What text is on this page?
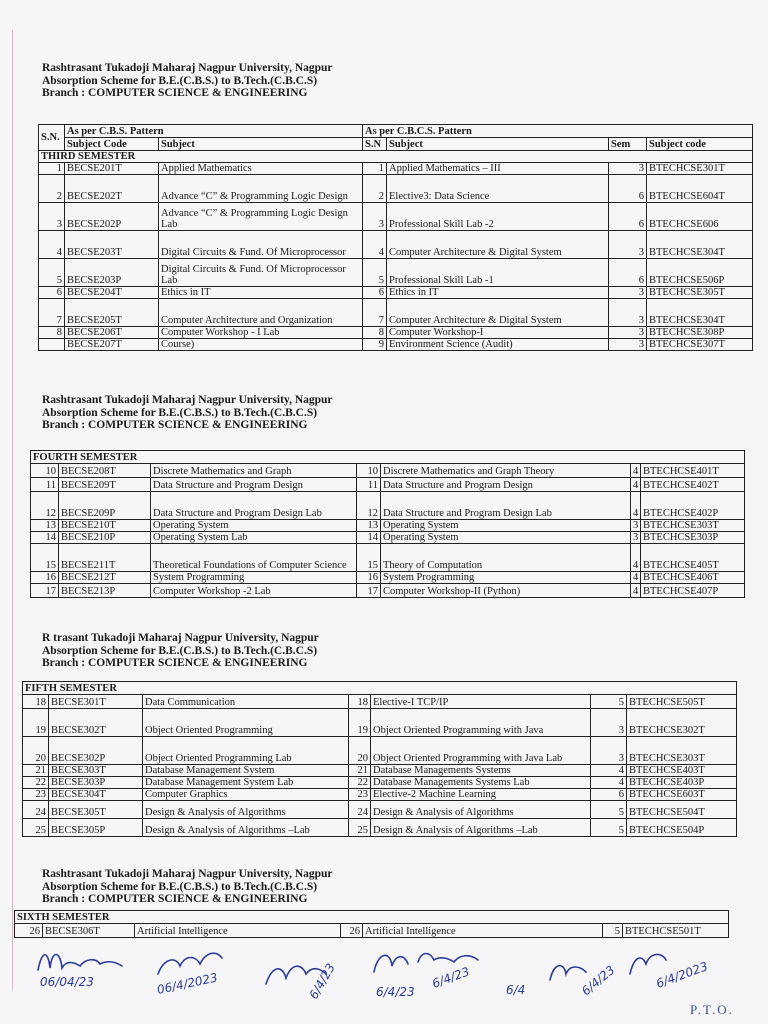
Rashtrasant Tukadoji Maharaj Nagpur University, Nagpur
Absorption Scheme for B.E.(C.B.S.) to B.Tech.(C.B.C.S)
Branch : COMPUTER SCIENCE & ENGINEERING
S.N.	As per C.B.S. Pattern		As per C.B.C.S. Pattern			
	Subject Code	Subject	S.N	Subject	Sem	Subject code
THIRD SEMESTER						
1	BECSE201T	Applied Mathematics	1	Applied Mathematics – III	3	BTECHCSE301T
2	BECSE202T	Advance “C” & Programming Logic Design	2	Elective3: Data Science	6	BTECHCSE604T
3	BECSE202P	Advance “C” & Programming Logic Design Lab	3	Professional Skill Lab -2	6	BTECHCSE606
4	BECSE203T	Digital Circuits & Fund. Of Microprocessor	4	Computer Architecture & Digital System	3	BTECHCSE304T
5	BECSE203P	Digital Circuits & Fund. Of Microprocessor Lab	5	Professional Skill Lab -1	6	BTECHCSE506P
6	BECSE204T	Ethics in IT	6	Ethics in IT	3	BTECHCSE305T
7	BECSE205T	Computer Architecture and Organization	7	Computer Architecture & Digital System	3	BTECHCSE304T
8	BECSE206T	Computer Workshop - I Lab	8	Computer Workshop-I	3	BTECHCSE308P
	BECSE207T	Course)	9	Environment Science (Audit)	3	BTECHCSE307T
Rashtrasant Tukadoji Maharaj Nagpur University, Nagpur
Absorption Scheme for B.E.(C.B.S.) to B.Tech.(C.B.C.S)
Branch : COMPUTER SCIENCE & ENGINEERING
FOURTH SEMESTER						
10	BECSE208T	Discrete Mathematics and Graph	10	Discrete Mathematics and Graph Theory	4	BTECHCSE401T
11	BECSE209T	Data Structure and Program Design	11	Data Structure and Program Design	4	BTECHCSE402T
12	BECSE209P	Data Structure and Program Design Lab	12	Data Structure and Program Design Lab	4	BTECHCSE402P
13	BECSE210T	Operating System	13	Operating System	3	BTECHCSE303T
14	BECSE210P	Operating System Lab	14	Operating System	3	BTECHCSE303P
15	BECSE211T	Theoretical Foundations of Computer Science	15	Theory of Computation	4	BTECHCSE405T
16	BECSE212T	System Programming	16	System Programming	4	BTECHCSE406T
17	BECSE213P	Computer Workshop -2 Lab	17	Computer Workshop-II (Python)	4	BTECHCSE407P
R trasant Tukadoji Maharaj Nagpur University, Nagpur
Absorption Scheme for B.E.(C.B.S.) to B.Tech.(C.B.C.S)
Branch : COMPUTER SCIENCE & ENGINEERING
FIFTH SEMESTER						
18	BECSE301T	Data Communication	18	Elective-I TCP/IP	5	BTECHCSE505T
19	BECSE302T	Object Oriented Programming	19	Object Oriented Programming with Java	3	BTECHCSE302T
20	BECSE302P	Object Oriented Programming Lab	20	Object Oriented Programming with Java Lab	3	BTECHCSE303T
21	BECSE303T	Database Management System	21	Database Managements Systems	4	BTECHCSE403T
22	BECSE303P	Database Management System Lab	22	Database Managements Systems Lab	4	BTECHCSE403P
23	BECSE304T	Computer Graphics	23	Elective-2 Machine Learning	6	BTECHCSE603T
24	BECSE305T	Design & Analysis of Algorithms	24	Design & Analysis of Algorithms	5	BTECHCSE504T
25	BECSE305P	Design & Analysis of Algorithms –Lab	25	Design & Analysis of Algorithms –Lab	5	BTECHCSE504P
Rashtrasant Tukadoji Maharaj Nagpur University, Nagpur
Absorption Scheme for B.E.(C.B.S.) to B.Tech.(C.B.C.S)
Branch : COMPUTER SCIENCE & ENGINEERING
SIXTH SEMESTER
26	BECSE306T	Artificial Intelligence	26	Artificial Intelligence	5	BTECHCSE501T
06/04/23	06/4/2023	6/4/23	6/4/23
6/4/23	6/4	6/4/23	6/4/2023
P.T.O.
